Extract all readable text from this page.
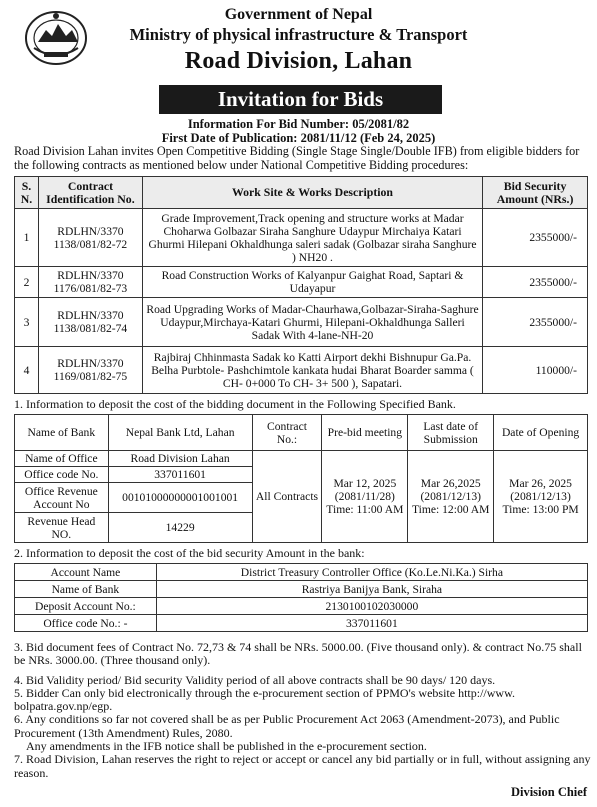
Government of Nepal
Ministry of physical infrastructure & Transport
Road Division, Lahan
Invitation for Bids
Information For Bid Number: 05/2081/82
First Date of Publication: 2081/11/12 (Feb 24, 2025)
Road Division Lahan invites Open Competitive Bidding (Single Stage Single/Double IFB) from eligible bidders for the following contracts as mentioned below under National Competitive Bidding procedures:
S. N.	Contract Identification No.	Work Site & Works Description	Bid Security Amount (NRs.)
1	RDLHN/3370 1138/081/82-72	Grade Improvement,Track opening and structure works at Madar Choharwa Golbazar Siraha Sanghure Udaypur Mirchaiya Katari Ghurmi Hilepani Okhaldhunga saleri sadak (Golbazar siraha Sanghure ) NH20 .	2355000/-
2	RDLHN/3370 1176/081/82-73	Road Construction Works of Kalyanpur Gaighat Road, Saptari & Udayapur	2355000/-
3	RDLHN/3370 1138/081/82-74	Road Upgrading Works of Madar-Chaurhawa,Golbazar-Siraha-Saghure Udaypur,Mirchaya-Katari Ghurmi, Hilepani-Okhaldhunga Salleri Sadak With 4-lane-NH-20	2355000/-
4	RDLHN/3370 1169/081/82-75	Rajbiraj Chhinmasta Sadak ko Katti Airport dekhi Bishnupur Ga.Pa. Belha Purbtole- Pashchimtole kankata hudai Bharat Boarder samma ( CH- 0+000 To CH- 3+ 500 ), Sapatari.	110000/-
1. Information to deposit the cost of the bidding document in the Following Specified Bank.
Name of Bank	Nepal Bank Ltd, Lahan	Contract No.:	Pre-bid meeting	Last date of Submission	Date of Opening
Name of Office	Road Division Lahan	All Contracts	Mar 12, 2025 (2081/11/28) Time: 11:00 AM	Mar 26,2025 (2081/12/13) Time: 12:00 AM	Mar 26, 2025 (2081/12/13) Time: 13:00 PM
Office code No.	337011601				
Office Revenue Account No	00101000000001001001				
Revenue Head NO.	14229				
2. Information to deposit the cost of the bid security Amount in the bank:
Account Name	District Treasury Controller Office (Ko.Le.Ni.Ka.) Sirha
Name of Bank	Rastriya Banijya Bank, Siraha
Deposit Account No.:	2130100102030000
Office code No.: -	337011601

3. Bid document fees of Contract No. 72,73 & 74 shall be NRs. 5000.00. (Five thousand only). & contract No.75 shall be NRs. 3000.00. (Three thousand only).

4. Bid Validity period/ Bid security Validity period of all above contracts shall be 90 days/ 120 days.

5. Bidder Can only bid electronically through the e-procurement section of PPMO's website http://www. bolpatra.gov.np/egp.

6. Any conditions so far not covered shall be as per Public Procurement Act 2063 (Amendment-2073), and Public Procurement (13th Amendment) Rules, 2080.

Any amendments in the IFB notice shall be published in the e-procurement section.

7. Road Division, Lahan reserves the right to reject or accept or cancel any bid partially or in full, without assigning any reason.

Division Chief
